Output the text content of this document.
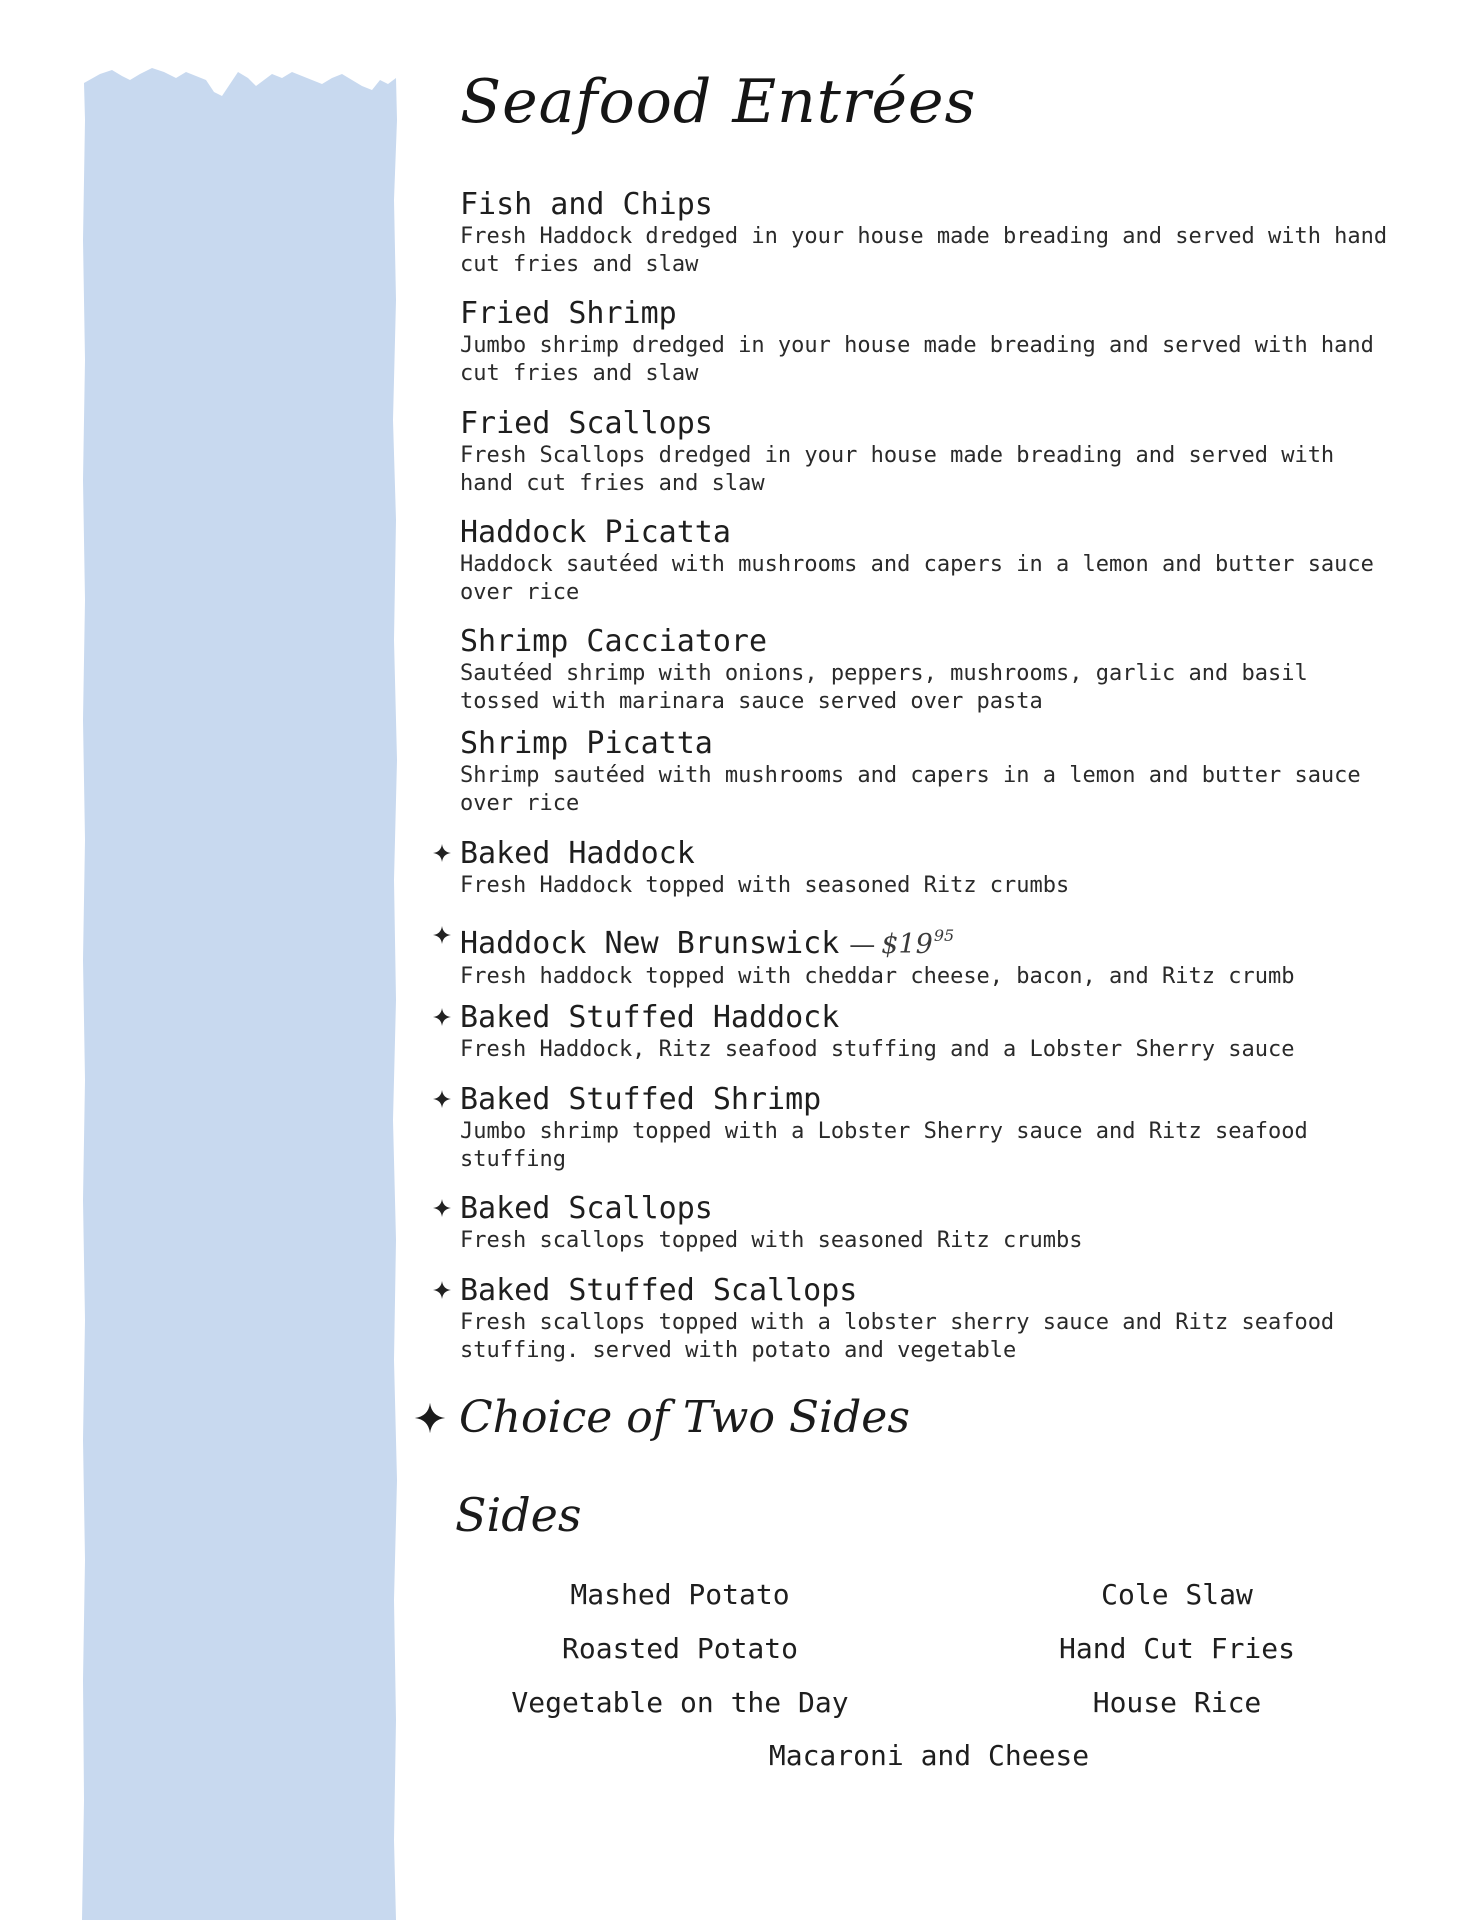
Seafood Entrées
Fish and Chips
Fresh Haddock dredged in your house made breading and served with hand cut fries and slaw
Fried Shrimp
Jumbo shrimp dredged in your house made breading and served with hand cut fries and slaw
Fried Scallops
Fresh Scallops dredged in your house made breading and served with hand cut fries and slaw
Haddock Picatta
Haddock sautéed with mushrooms and capers in a lemon and butter sauce over rice
Shrimp Cacciatore
Sautéed shrimp with onions, peppers, mushrooms, garlic and basil tossed with marinara sauce served over pasta
Shrimp Picatta
Shrimp sautéed with mushrooms and capers in a lemon and butter sauce over rice
Baked Haddock
Fresh Haddock topped with seasoned Ritz crumbs
Haddock New Brunswick — $\$19^{95}$
Fresh haddock topped with cheddar cheese, bacon, and Ritz crumb
Baked Stuffed Haddock
Fresh Haddock, Ritz seafood stuffing and a Lobster Sherry sauce
Baked Stuffed Shrimp
Jumbo shrimp topped with a Lobster Sherry sauce and Ritz seafood stuffing
Baked Scallops
Fresh scallops topped with seasoned Ritz crumbs
Baked Stuffed Scallops
Fresh scallops topped with a lobster sherry sauce and Ritz seafood stuffing. served with potato and vegetable
Choice of Two Sides
Sides
Mashed Potato	Cole Slaw
Roasted Potato	Hand Cut Fries
Vegetable on the Day	House Rice
Macaroni and Cheese
